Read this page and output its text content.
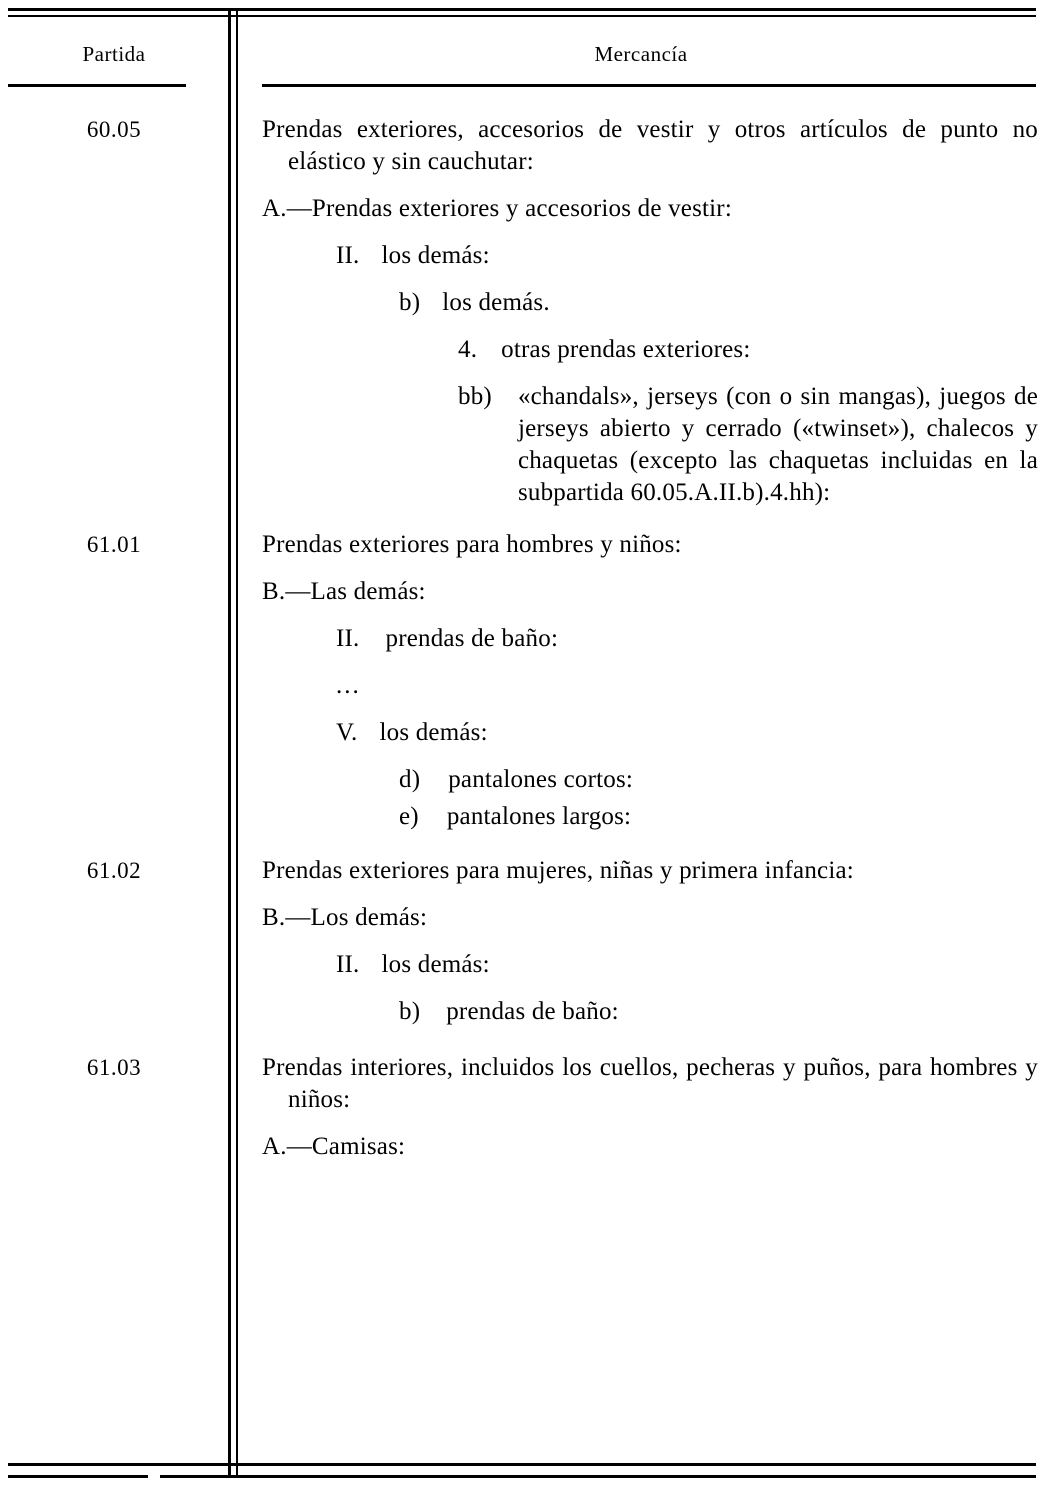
Partida	Mercancía
60.05	Prendas exteriores, accesorios de vestir y otros artículos de punto no elástico y sin cauchutar:
A.—Prendas exteriores y accesorios de vestir:
II. los demás:
b) los demás.
4. otras prendas exteriores:
bb)	«chandals», jerseys (con o sin mangas), juegos de jerseys abierto y cerrado («twinset»), chalecos y chaquetas (excepto las chaquetas incluidas en la subpartida 60.05.A.II.b).4.hh):
61.01	Prendas exteriores para hombres y niños:
B.—Las demás:
II.	prendas de baño:
...
V. los demás:
d)	pantalones cortos:
e)	pantalones largos:
61.02	Prendas exteriores para mujeres, niñas y primera infancia:
B.—Los demás:
II. los demás:
b)	prendas de baño:
61.03	Prendas interiores, incluidos los cuellos, pecheras y puños, para hombres y niños:
A.—Camisas:
